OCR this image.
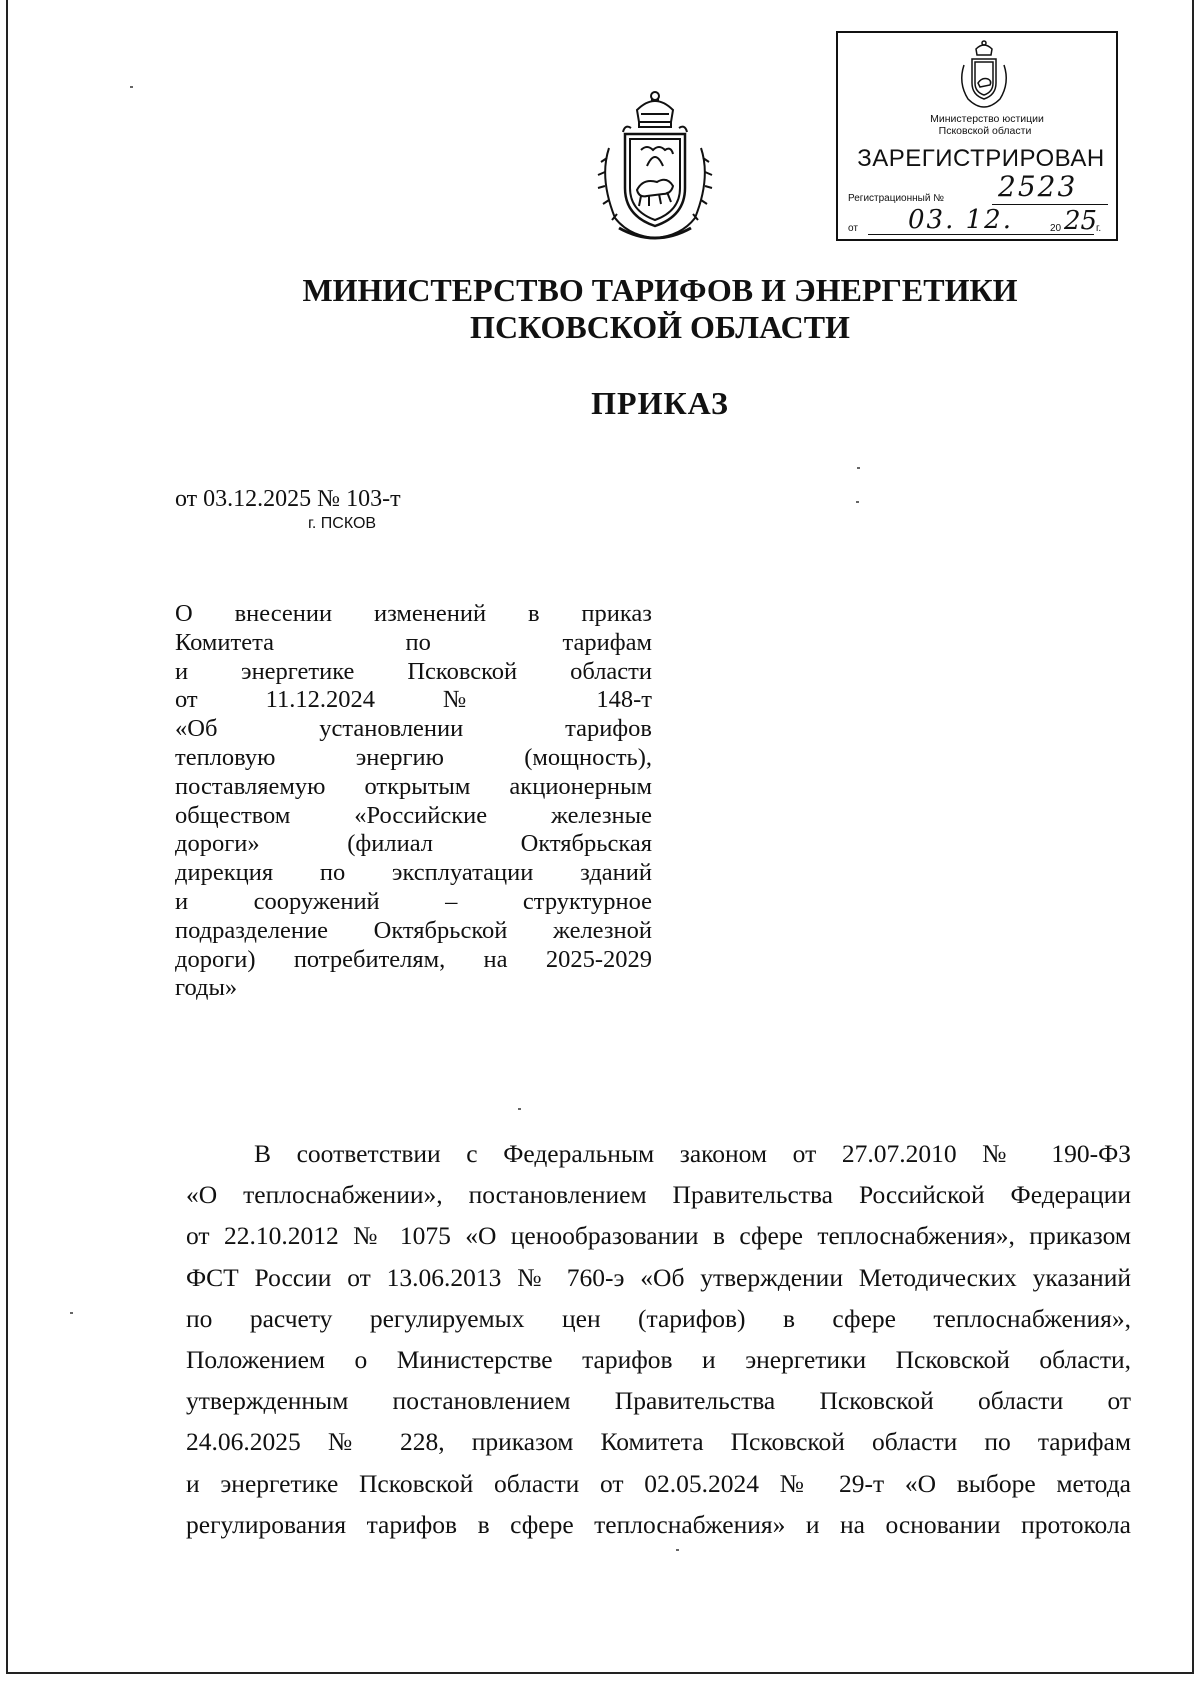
Министерство юстиции
Псковской области
ЗАРЕГИСТРИРОВАН
Регистрационный № 2523
от 03. 12.	20 25
г.
МИНИСТЕРСТВО ТАРИФОВ И ЭНЕРГЕТИКИ
ПСКОВСКОЙ ОБЛАСТИ
ПРИКАЗ
от 03.12.2025 № 103-т
г. ПСКОВ
О внесении изменений в приказ
Комитета по тарифам
и энергетике Псковской области
от 11.12.2024 № 148-т
«Об установлении тарифов
тепловую энергию (мощность),
поставляемую открытым акционерным
обществом «Российские железные
дороги» (филиал Октябрьская
дирекция по эксплуатации зданий
и сооружений – структурное
подразделение Октябрьской железной
дороги) потребителям, на 2025-2029
годы»
В соответствии с Федеральным законом от 27.07.2010 № 190-ФЗ
«О теплоснабжении», постановлением Правительства Российской Федерации
от 22.10.2012 № 1075 «О ценообразовании в сфере теплоснабжения», приказом
ФСТ России от 13.06.2013 № 760-э «Об утверждении Методических указаний
по расчету регулируемых цен (тарифов) в сфере теплоснабжения»,
Положением о Министерстве тарифов и энергетики Псковской области,
утвержденным постановлением Правительства Псковской области от
24.06.2025 № 228, приказом Комитета Псковской области по тарифам
и энергетике Псковской области от 02.05.2024 № 29-т «О выборе метода
регулирования тарифов в сфере теплоснабжения» и на основании протокола
